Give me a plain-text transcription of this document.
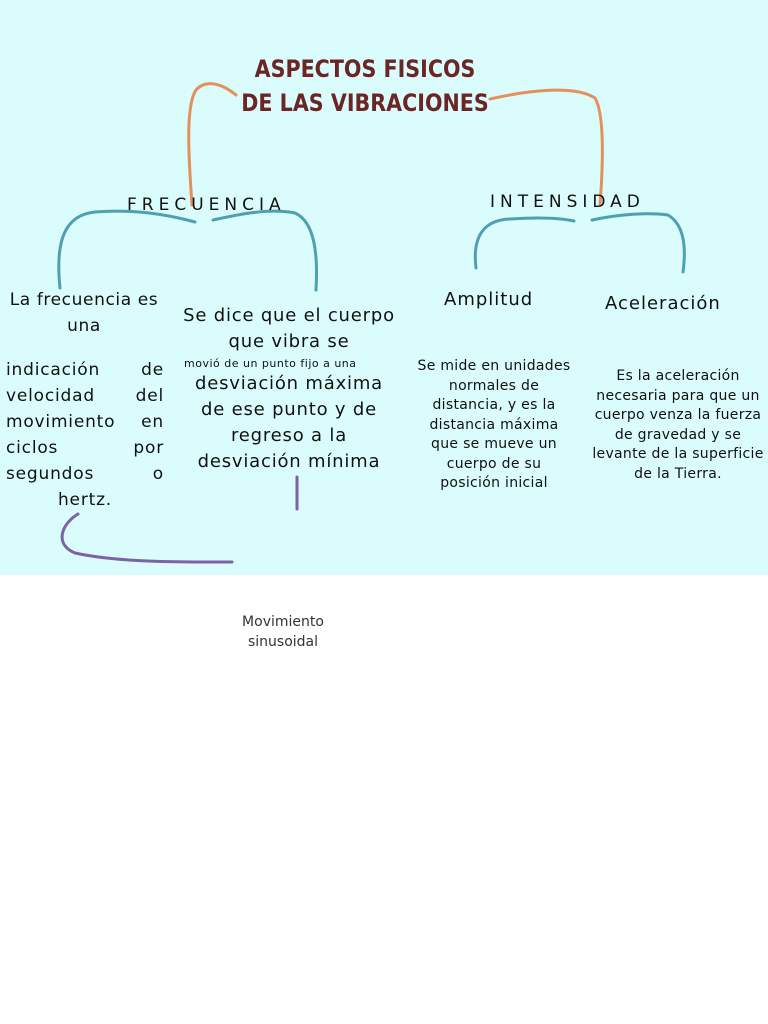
ASPECTOS FISICOS
DE LAS VIBRACIONES
FRECUENCIA	INTENSIDAD
La frecuencia es una
indicación de velocidad del movimiento en ciclos por segundos o hertz.
Se dice que el cuerpo que vibra se
movió de un punto fijo a una
desviación máxima de ese punto y de regreso a la desviación mínima
Amplitud	Aceleración
Se mide en unidades normales de distancia, y es la distancia máxima que se mueve un cuerpo de su posición inicial
Es la aceleración necesaria para que un cuerpo venza la fuerza de gravedad y se levante de la superficie de la Tierra.
Movimiento sinusoidal
